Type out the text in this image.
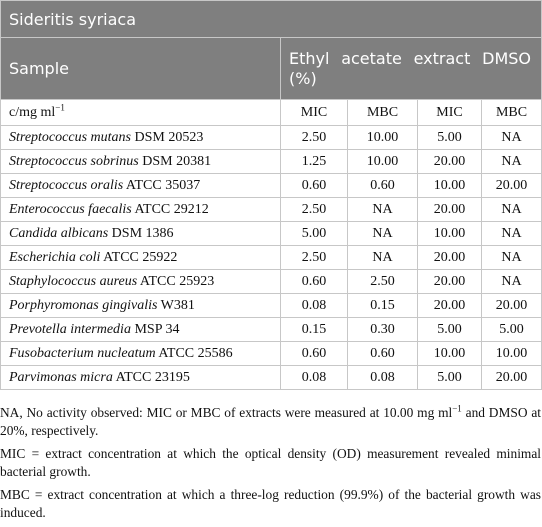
Sideritis syriaca				
Sample	Ethyl acetate extract DMSO (%)			
c/mg $ml^{-1}$	MIC	MBC	MIC	MBC
Streptococcus mutans DSM 20523	2.50	10.00	5.00	NA
Streptococcus sobrinus DSM 20381	1.25	10.00	20.00	NA
Streptococcus oralis ATCC 35037	0.60	0.60	10.00	20.00
Enterococcus faecalis ATCC 29212	2.50	NA	20.00	NA
Candida albicans DSM 1386	5.00	NA	10.00	NA
Escherichia coli ATCC 25922	2.50	NA	20.00	NA
Staphylococcus aureus ATCC 25923	0.60	2.50	20.00	NA
Porphyromonas gingivalis W381	0.08	0.15	20.00	20.00
Prevotella intermedia MSP 34	0.15	0.30	5.00	5.00
Fusobacterium nucleatum ATCC 25586	0.60	0.60	10.00	10.00
Parvimonas micra ATCC 23195	0.08	0.08	5.00	20.00

NA, No activity observed: MIC or MBC of extracts were measured at 10.00 mg $ml^{-1}$ and DMSO at 20%, respectively.

MIC = extract concentration at which the optical density (OD) measurement revealed minimal bacterial growth.

MBC = extract concentration at which a three-log reduction (99.9%) of the bacterial growth was induced.
